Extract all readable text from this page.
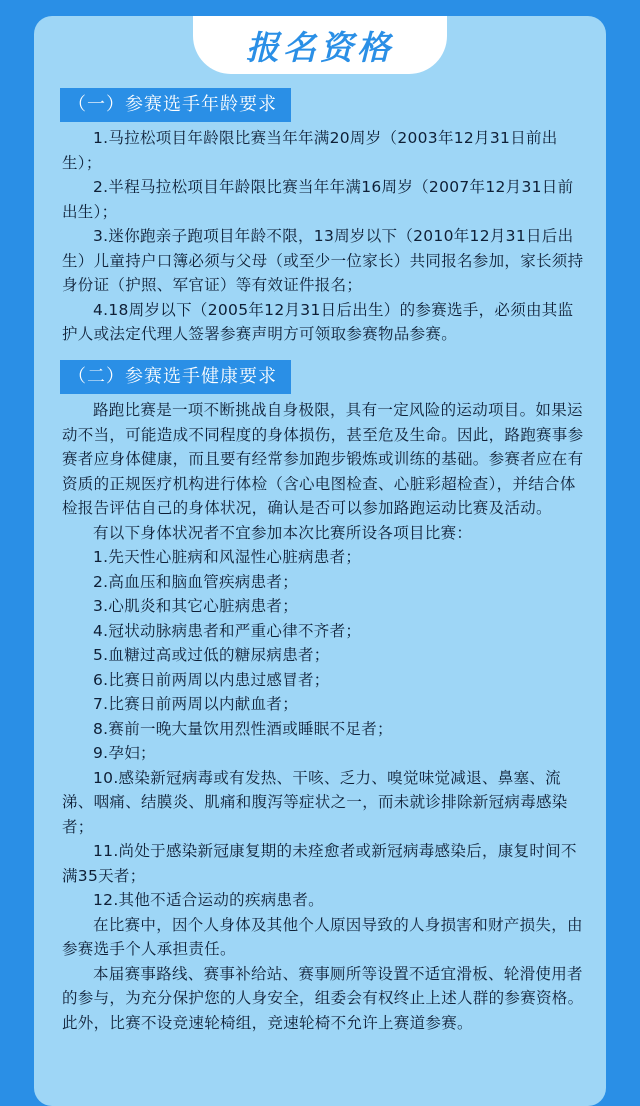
报名资格
（一）参赛选手年龄要求

1.马拉松项目年龄限比赛当年年满20周岁（2003年12月31日前出生）；

2.半程马拉松项目年龄限比赛当年年满16周岁（2007年12月31日前出生）；

3.迷你跑亲子跑项目年龄不限，13周岁以下（2010年12月31日后出生）儿童持户口簿必须与父母（或至少一位家长）共同报名参加，家长须持身份证（护照、军官证）等有效证件报名；

4.18周岁以下（2005年12月31日后出生）的参赛选手，必须由其监护人或法定代理人签署参赛声明方可领取参赛物品参赛。

（二）参赛选手健康要求

路跑比赛是一项不断挑战自身极限，具有一定风险的运动项目。如果运动不当，可能造成不同程度的身体损伤，甚至危及生命。因此，路跑赛事参赛者应身体健康，而且要有经常参加跑步锻炼或训练的基础。参赛者应在有资质的正规医疗机构进行体检（含心电图检查、心脏彩超检查），并结合体检报告评估自己的身体状况，确认是否可以参加路跑运动比赛及活动。

有以下身体状况者不宜参加本次比赛所设各项目比赛：

1.先天性心脏病和风湿性心脏病患者；

2.高血压和脑血管疾病患者；

3.心肌炎和其它心脏病患者；

4.冠状动脉病患者和严重心律不齐者；

5.血糖过高或过低的糖尿病患者；

6.比赛日前两周以内患过感冒者；

7.比赛日前两周以内献血者；

8.赛前一晚大量饮用烈性酒或睡眠不足者；

9.孕妇；

10.感染新冠病毒或有发热、干咳、乏力、嗅觉味觉减退、鼻塞、流涕、咽痛、结膜炎、肌痛和腹泻等症状之一，而未就诊排除新冠病毒感染者；

11.尚处于感染新冠康复期的未痊愈者或新冠病毒感染后，康复时间不满35天者；

12.其他不适合运动的疾病患者。

在比赛中，因个人身体及其他个人原因导致的人身损害和财产损失，由参赛选手个人承担责任。

本届赛事路线、赛事补给站、赛事厕所等设置不适宜滑板、轮滑使用者的参与，为充分保护您的人身安全，组委会有权终止上述人群的参赛资格。此外，比赛不设竞速轮椅组，竞速轮椅不允许上赛道参赛。
